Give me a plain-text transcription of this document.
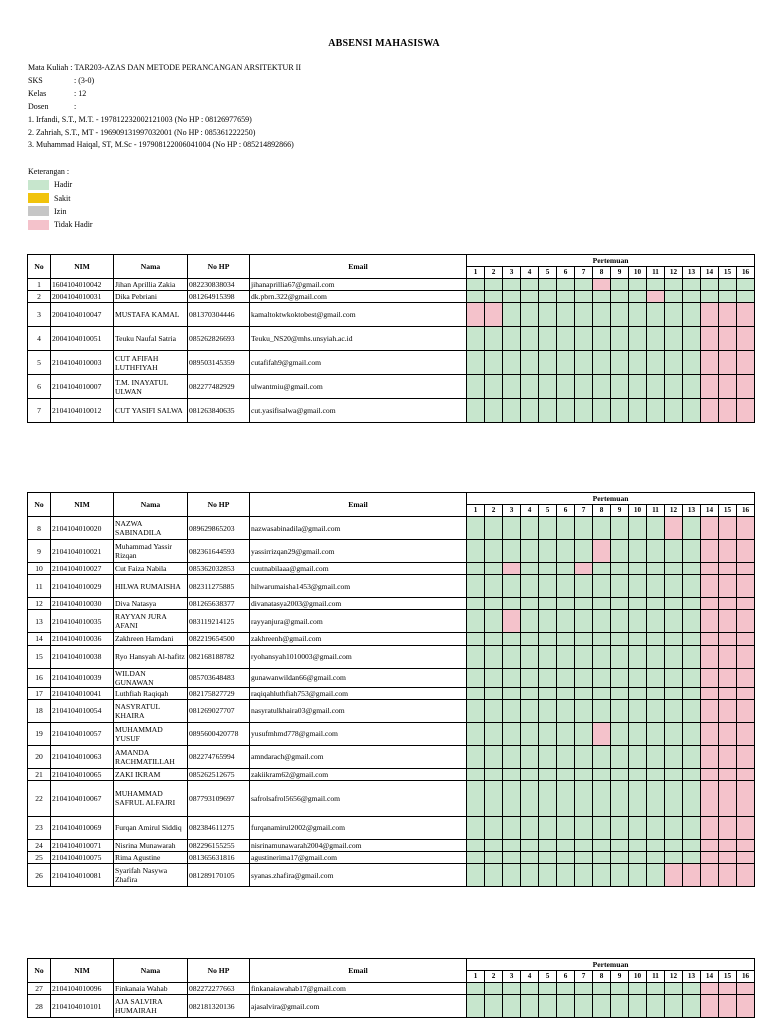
ABSENSI MAHASISWA
Mata Kuliah :
TAR203-AZAS DAN METODE PERANCANGAN ARSITEKTUR II
SKS	: (3-0)
Kelas	: 12
Dosen	:
1. Irfandi, S.T., M.T. - 197812232002121003 (No HP : 08126977659)
2. Zahriah, S.T., MT - 196909131997032001 (No HP : 085361222250)
3. Muhammad Haiqal, ST, M.Sc - 197908122006041004 (No HP : 085214892866)
Keterangan :
Hadir
Sakit
Izin
Tidak Hadir
No	NIM	Nama	No HP	Email	Pertemuan															
					1	2	3	4	5	6	7	8	9	10	11	12	13	14	15	16
1	1604104010042	Jihan Aprillia Zakia	082230838034	jihanaprillia67@gmail.com																
2	2004104010031	Dika Pebriani	081264915398	dk.pbrn.322@gmail.com																
3	2004104010047	MUSTAFA KAMAL	081370304446	kamaltoktwkoktobest@gmail.com																
4	2004104010051	Teuku Naufal Satria	085262826693	Teuku_NS20@mhs.unsyiah.ac.id																
5	2104104010003	CUT AFIFAH LUTHFIYAH	089503145359	cutafifah9@gmail.com																
6	2104104010007	T.M. INAYATUL ULWAN	082277482929	ulwantmiu@gmail.com																
7	2104104010012	CUT YASIFI SALWA	081263840635	cut.yasifisalwa@gmail.com																
No	NIM	Nama	No HP	Email	Pertemuan															
					1	2	3	4	5	6	7	8	9	10	11	12	13	14	15	16
8	2104104010020	NAZWA SABINADILA	089629865203	nazwasabinadila@gmail.com																
9	2104104010021	Muhammad Yassir Rizqan	082361644593	yassirrizqan29@gmail.com																
10	2104104010027	Cut Faiza Nabila	085362032853	cuutnabilaaa@gmail.com																
11	2104104010029	HILWA RUMAISHA	082311275885	hilwarumaisha1453@gmail.com																
12	2104104010030	Diva Natasya	081265638377	divanatasya2003@gmail.com																
13	2104104010035	RAYYAN JURA AFANI	083119214125	rayyanjura@gmail.com																
14	2104104010036	Zakhreen Hamdani	082219654500	zakhreenh@gmail.com																
15	2104104010038	Ryo Hansyah Al-hafitz	082168188782	ryohansyah1010003@gmail.com																
16	2104104010039	WILDAN GUNAWAN	085703648483	gunawanwildan66@gmail.com																
17	2104104010041	Luthfiah Raqiqah	082175827729	raqiqahluthfiah753@gmail.com																
18	2104104010054	NASYRATUL KHAIRA	081269027707	nasyratulkhaira03@gmail.com																
19	2104104010057	MUHAMMAD YUSUF	0895600420778	yusufmhmd778@gmail.com																
20	2104104010063	AMANDA RACHMATILLAH	082274765994	amndarach@gmail.com																
21	2104104010065	ZAKI IKRAM	085262512675	zakiikram62@gmail.com																
22	2104104010067	MUHAMMAD SAFRUL ALFAJRI	087793109697	safrolsafrol5656@gmail.com																
23	2104104010069	Furqan Amirul Siddiq	082384611275	furqanamirul2002@gmail.com																
24	2104104010071	Nisrina Munawarah	082296155255	nisrinamunawarah2004@gmail.com																
25	2104104010075	Rima Agustine	081365631816	agustinerima17@gmail.com																
26	2104104010081	Syarifah Nasywa Zhafira	081289170105	syanas.zhafira@gmail.com																
No	NIM	Nama	No HP	Email	Pertemuan															
					1	2	3	4	5	6	7	8	9	10	11	12	13	14	15	16
27	2104104010096	Finkanaia Wahab	082272277663	finkanaiawahab17@gmail.com																
28	2104104010101	AJA SALVIRA HUMAIRAH	082181320136	ajasalvira@gmail.com																
